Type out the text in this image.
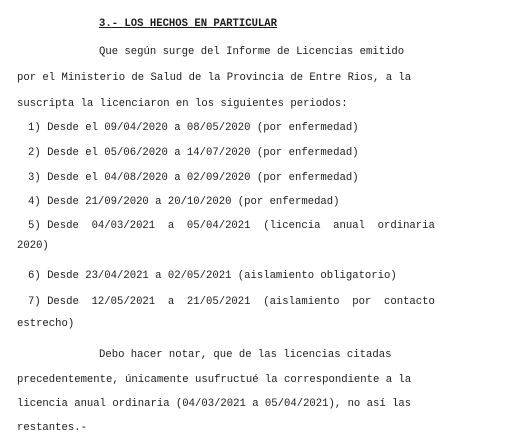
3.- LOS HECHOS EN PARTICULAR
Que según surge del Informe de Licencias emitido
por el Ministerio de Salud de la Provincia de Entre Rios, a la
suscripta la licenciaron en los siguientes periodos:
1) Desde el 09/04/2020 a 08/05/2020 (por enfermedad)
2) Desde el 05/06/2020 a 14/07/2020 (por enfermedad)
3) Desde el 04/08/2020 a 02/09/2020 (por enfermedad)
4) Desde 21/09/2020 a 20/10/2020 (por enfermedad)
5) Desde  04/03/2021  a  05/04/2021  (licencia  anual  ordinaria
2020)
6) Desde 23/04/2021 a 02/05/2021 (aislamiento obligatorio)
7) Desde  12/05/2021  a  21/05/2021  (aislamiento  por  contacto
estrecho)
Debo hacer notar, que de las licencias citadas
precedentemente, únicamente usufructué la correspondiente a la
licencia anual ordinaria (04/03/2021 a 05/04/2021), no así las
restantes.-
